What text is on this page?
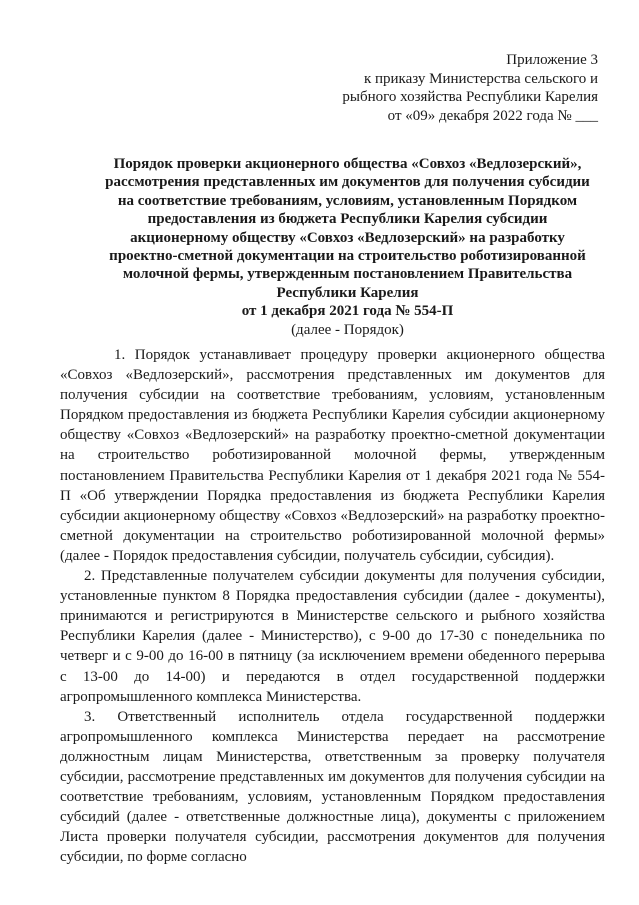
Приложение 3
к приказу Министерства сельского и
рыбного хозяйства Республики Карелия
от «09» декабря 2022 года № ___
Порядок проверки акционерного общества «Совхоз «Ведлозерский»,
рассмотрения представленных им документов для получения субсидии
на соответствие требованиям, условиям, установленным Порядком
предоставления из бюджета Республики Карелия субсидии
акционерному обществу «Совхоз «Ведлозерский» на разработку
проектно-сметной документации на строительство роботизированной
молочной фермы, утвержденным постановлением Правительства
Республики Карелия
от 1 декабря 2021 года № 554-П
(далее - Порядок)

1. Порядок устанавливает процедуру проверки акционерного общества «Совхоз «Ведлозерский», рассмотрения представленных им документов для получения субсидии на соответствие требованиям, условиям, установленным Порядком предоставления из бюджета Республики Карелия субсидии акционерному обществу «Совхоз «Ведлозерский» на разработку проектно-сметной документации на строительство роботизированной молочной фермы, утвержденным постановлением Правительства Республики Карелия от 1 декабря 2021 года № 554-П «Об утверждении Порядка предоставления из бюджета Республики Карелия субсидии акционерному обществу «Совхоз «Ведлозерский» на разработку проектно-сметной документации на строительство роботизированной молочной фермы» (далее - Порядок предоставления субсидии, получатель субсидии, субсидия).

2. Представленные получателем субсидии документы для получения субсидии, установленные пунктом 8 Порядка предоставления субсидии (далее - документы), принимаются и регистрируются в Министерстве сельского и рыбного хозяйства Республики Карелия (далее - Министерство), с 9-00 до 17-30 с понедельника по четверг и с 9-00 до 16-00 в пятницу (за исключением времени обеденного перерыва с 13-00 до 14-00) и передаются в отдел государственной поддержки агропромышленного комплекса Министерства.

3. Ответственный исполнитель отдела государственной поддержки агропромышленного комплекса Министерства передает на рассмотрение должностным лицам Министерства, ответственным за проверку получателя субсидии, рассмотрение представленных им документов для получения субсидии на соответствие требованиям, условиям, установленным Порядком предоставления субсидий (далее - ответственные должностные лица), документы с приложением Листа проверки получателя субсидии, рассмотрения документов для получения субсидии, по форме согласно
